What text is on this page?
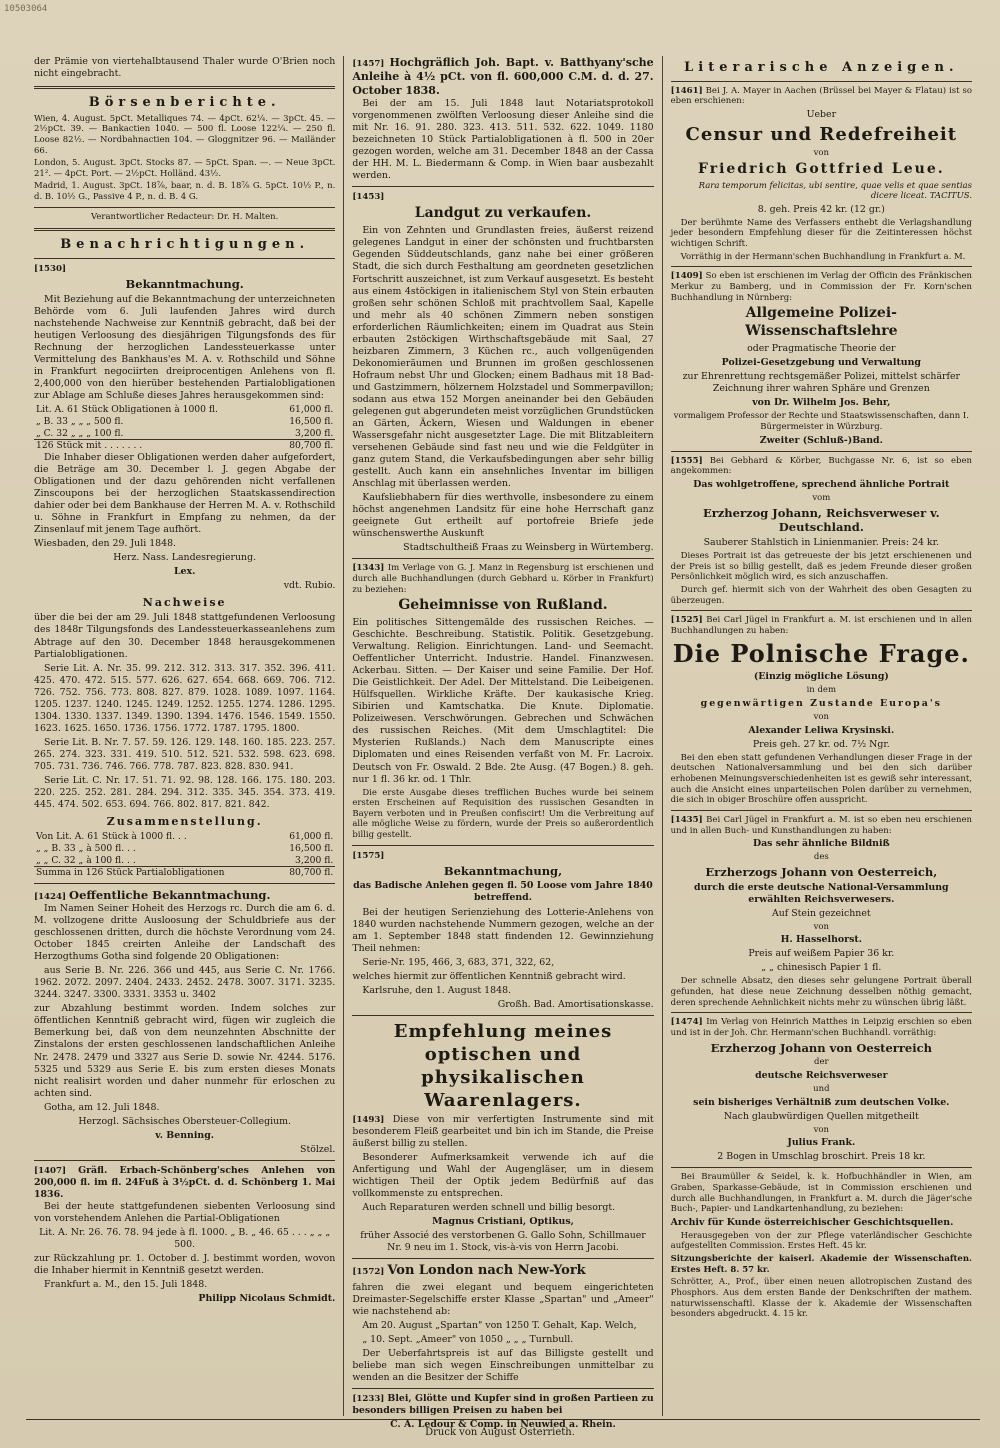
10503064

der Prämie von viertehalbtausend Thaler wurde O'Brien noch nicht eingebracht.

Börsenberichte.

Wien, 4. August. 5pCt. Metalliques 74. — 4pCt. 62¼. — 3pCt. 45. — 2½pCt. 39. — Bankactien 1040. — 500 fl. Loose 122¼. — 250 fl. Loose 82½. — Nordbahnactien 104. — Gloggnitzer 96. — Mailänder 66.

London, 5. August. 3pCt. Stocks 87. — 5pCt. Span. —. — Neue 3pCt. 21². — 4pCt. Port. — 2½pCt. Holländ. 43½.

Madrid, 1. August. 3pCt. 18⅞, baar, n. d. B. 18⅞ G. 5pCt. 10½ P., n. d. B. 10½ G., Passive 4 P., n. d. B. 4 G.

Verantwortlicher Redacteur: Dr. H. Malten.

Benachrichtigungen.
[1530]
Bekanntmachung.

Mit Beziehung auf die Bekanntmachung der unterzeichneten Behörde vom 6. Juli laufenden Jahres wird durch nachstehende Nachweise zur Kenntniß gebracht, daß bei der heutigen Verloosung des diesjährigen Tilgungsfonds des für Rechnung der herzoglichen Landessteuerkasse unter Vermittelung des Bankhaus'es M. A. v. Rothschild und Söhne in Frankfurt negociirten dreiprocentigen Anlehens von fl. 2,400,000 von den hierüber bestehenden Partialobligationen zur Ablage am Schluße dieses Jahres herausgekommen sind:

Lit. A. 61 Stück Obligationen à 1000 fl.	61,000 fl.
„ B. 33 „ „ „ 500 fl.	16,500 fl.
„ C. 32 „ „ „ 100 fl.	3,200 fl.
126 Stück mit . . . . . . .	80,700 fl.

Die Inhaber dieser Obligationen werden daher aufgefordert, die Beträge am 30. December l. J. gegen Abgabe der Obligationen und der dazu gehörenden nicht verfallenen Zinscoupons bei der herzoglichen Staatskassendirection dahier oder bei dem Bankhause der Herren M. A. v. Rothschild u. Söhne in Frankfurt in Empfang zu nehmen, da der Zinsenlauf mit jenem Tage aufhört.

Wiesbaden, den 29. Juli 1848.

Herz. Nass. Landesregierung.

Lex.

vdt. Rubio.

Nachweise

über die bei der am 29. Juli 1848 stattgefundenen Verloosung des 1848r Tilgungsfonds des Landessteuerkasseanlehens zum Abtrage auf den 30. December 1848 herausgekommenen Partialobligationen.

Serie Lit. A. Nr. 35. 99. 212. 312. 313. 317. 352. 396. 411. 425. 470. 472. 515. 577. 626. 627. 654. 668. 669. 706. 712. 726. 752. 756. 773. 808. 827. 879. 1028. 1089. 1097. 1164. 1205. 1237. 1240. 1245. 1249. 1252. 1255. 1274. 1286. 1295. 1304. 1330. 1337. 1349. 1390. 1394. 1476. 1546. 1549. 1550. 1623. 1625. 1650. 1736. 1756. 1772. 1787. 1795. 1800.

Serie Lit. B. Nr. 7. 57. 59. 126. 129. 148. 160. 185. 223. 257. 265. 274. 323. 331. 419. 510. 512. 521. 532. 598. 623. 698. 705. 731. 736. 746. 766. 778. 787. 823. 828. 830. 941.

Serie Lit. C. Nr. 17. 51. 71. 92. 98. 128. 166. 175. 180. 203. 220. 225. 252. 281. 284. 294. 312. 335. 345. 354. 373. 419. 445. 474. 502. 653. 694. 766. 802. 817. 821. 842.

Zusammenstellung.
Von Lit. A. 61 Stück à 1000 fl. . .	61,000 fl.
„ „ B. 33 „ à 500 fl. . .	16,500 fl.
„ „ C. 32 „ à 100 fl. . .	3,200 fl.
Summa in 126 Stück Partialobligationen	80,700 fl.
[1424] Oeffentliche Bekanntmachung.

Im Namen Seiner Hoheit des Herzogs rc. Durch die am 6. d. M. vollzogene dritte Ausloosung der Schuldbriefe aus der geschlossenen dritten, durch die höchste Verordnung vom 24. October 1845 creirten Anleihe der Landschaft des Herzogthums Gotha sind folgende 20 Obligationen:

aus Serie B. Nr. 226. 366 und 445, aus Serie C. Nr. 1766. 1962. 2072. 2097. 2404. 2433. 2452. 2478. 3007. 3171. 3235. 3244. 3247. 3300. 3331. 3353 u. 3402

zur Abzahlung bestimmt worden. Indem solches zur öffentlichen Kenntniß gebracht wird, fügen wir zugleich die Bemerkung bei, daß von dem neunzehnten Abschnitte der Zinstalons der ersten geschlossenen landschaftlichen Anleihe Nr. 2478. 2479 und 3327 aus Serie D. sowie Nr. 4244. 5176. 5325 und 5329 aus Serie E. bis zum ersten dieses Monats nicht realisirt worden und daher nunmehr für erloschen zu achten sind.

Gotha, am 12. Juli 1848.

Herzogl. Sächsisches Obersteuer-Collegium.

v. Benning.

Stölzel.

[1407] Gräfl. Erbach-Schönberg'sches Anlehen von 200,000 fl. im fl. 24Fuß à 3½pCt. d. d. Schönberg 1. Mai 1836.

Bei der heute stattgefundenen siebenten Verloosung sind von vorstehendem Anlehen die Partial-Obligationen

Lit. A. Nr. 26. 76. 78. 94 jede à fl. 1000. „ B. „ 46. 65 . . . „ „ „ 500.

zur Rückzahlung pr. 1. October d. J. bestimmt worden, wovon die Inhaber hiermit in Kenntniß gesetzt werden.

Frankfurt a. M., den 15. Juli 1848.

Philipp Nicolaus Schmidt.

[1457] Hochgräflich Joh. Bapt. v. Batthyany'sche Anleihe à 4½ pCt. von fl. 600,000 C.M. d. d. 27. October 1838.

Bei der am 15. Juli 1848 laut Notariatsprotokoll vorgenommenen zwölften Verloosung dieser Anleihe sind die mit Nr. 16. 91. 280. 323. 413. 511. 532. 622. 1049. 1180 bezeichneten 10 Stück Partialobligationen à fl. 500 in 20er gezogen worden, welche am 31. December 1848 an der Cassa der HH. M. L. Biedermann & Comp. in Wien baar ausbezahlt werden.

[1453]
Landgut zu verkaufen.

Ein von Zehnten und Grundlasten freies, äußerst reizend gelegenes Landgut in einer der schönsten und fruchtbarsten Gegenden Süddeutschlands, ganz nahe bei einer größeren Stadt, die sich durch Festhaltung am geordneten gesetzlichen Fortschritt auszeichnet, ist zum Verkauf ausgesetzt. Es besteht aus einem 4stöckigen in italienischem Styl von Stein erbauten großen sehr schönen Schloß mit prachtvollem Saal, Kapelle und mehr als 40 schönen Zimmern neben sonstigen erforderlichen Räumlichkeiten; einem im Quadrat aus Stein erbauten 2stöckigen Wirthschaftsgebäude mit Saal, 27 heizbaren Zimmern, 3 Küchen rc., auch vollgenügenden Dekonomieräumen und Brunnen im großen geschlossenen Hofraum nebst Uhr und Glocken; einem Badhaus mit 18 Bad- und Gastzimmern, hölzernem Holzstadel und Sommerpavillon; sodann aus etwa 152 Morgen aneinander bei den Gebäuden gelegenen gut abgerundeten meist vorzüglichen Grundstücken an Gärten, Äckern, Wiesen und Waldungen in ebener Wassersgefahr nicht ausgesetzter Lage. Die mit Blitzableitern versehenen Gebäude sind fast neu und wie die Feldgüter in ganz gutem Stand, die Verkaufsbedingungen aber sehr billig gestellt. Auch kann ein ansehnliches Inventar im billigen Anschlag mit überlassen werden.

Kaufsliebhabern für dies werthvolle, insbesondere zu einem höchst angenehmen Landsitz für eine hohe Herrschaft ganz geeignete Gut ertheilt auf portofreie Briefe jede wünschenswerthe Auskunft

Stadtschultheiß Fraas zu Weinsberg in Würtemberg.

[1343] Im Verlage von G. J. Manz in Regensburg ist erschienen und durch alle Buchhandlungen (durch Gebhard u. Körber in Frankfurt) zu beziehen:

Geheimnisse von Rußland.

Ein politisches Sittengemälde des russischen Reiches. — Geschichte. Beschreibung. Statistik. Politik. Gesetzgebung. Verwaltung. Religion. Einrichtungen. Land- und Seemacht. Oeffentlicher Unterricht. Industrie. Handel. Finanzwesen. Ackerbau. Sitten. — Der Kaiser und seine Familie. Der Hof. Die Geistlichkeit. Der Adel. Der Mittelstand. Die Leibeigenen. Hülfsquellen. Wirkliche Kräfte. Der kaukasische Krieg. Sibirien und Kamtschatka. Die Knute. Diplomatie. Polizeiwesen. Verschwörungen. Gebrechen und Schwächen des russischen Reiches. (Mit dem Umschlagtitel: Die Mysterien Rußlands.) Nach dem Manuscripte eines Diplomaten und eines Reisenden verfaßt von M. Fr. Lacroix. Deutsch von Fr. Oswald. 2 Bde. 2te Ausg. (47 Bogen.) 8. geh. nur 1 fl. 36 kr. od. 1 Thlr.

Die erste Ausgabe dieses trefflichen Buches wurde bei seinem ersten Erscheinen auf Requisition des russischen Gesandten in Bayern verboten und in Preußen confiscirt! Um die Verbreitung auf alle mögliche Weise zu fördern, wurde der Preis so außerordentlich billig gestellt.

[1575]
Bekanntmachung,

das Badische Anlehen gegen fl. 50 Loose vom Jahre 1840 betreffend.

Bei der heutigen Serienziehung des Lotterie-Anlehens von 1840 wurden nachstehende Nummern gezogen, welche an der am 1. September 1848 statt findenden 12. Gewinnziehung Theil nehmen:

Serie-Nr. 195, 466, 3, 683, 371, 322, 62,

welches hiermit zur öffentlichen Kenntniß gebracht wird.

Karlsruhe, den 1. August 1848.

Großh. Bad. Amortisationskasse.

Empfehlung meines optischen und physikalischen Waarenlagers.

[1493] Diese von mir verfertigten Instrumente sind mit besonderem Fleiß gearbeitet und bin ich im Stande, die Preise äußerst billig zu stellen.

Besonderer Aufmerksamkeit verwende ich auf die Anfertigung und Wahl der Augengläser, um in diesem wichtigen Theil der Optik jedem Bedürfniß auf das vollkommenste zu entsprechen.

Auch Reparaturen werden schnell und billig besorgt.

Magnus Cristiani, Optikus,

früher Associé des verstorbenen G. Gallo Sohn, Schillmauer Nr. 9 neu im 1. Stock, vis-à-vis von Herrn Jacobi.

[1572] Von London nach New-York

fahren die zwei elegant und bequem eingerichteten Dreimaster-Segelschiffe erster Klasse „Spartan" und „Ameer" wie nachstehend ab:

Am 20. August „Spartan" von 1250 T. Gehalt, Kap. Welch,

„ 10. Sept. „Ameer" von 1050 „ „ „ Turnbull.

Der Ueberfahrtspreis ist auf das Billigste gestellt und beliebe man sich wegen Einschreibungen unmittelbar zu wenden an die Besitzer der Schiffe

[1233] Blei, Glötte und Kupfer sind in großen Partieen zu besonders billigen Preisen zu haben bei

C. A. Ledour & Comp. in Neuwied a. Rhein.

Literarische Anzeigen.

[1461] Bei J. A. Mayer in Aachen (Brüssel bei Mayer & Flatau) ist so eben erschienen:

Ueber

Censur und Redefreiheit

von

Friedrich Gottfried Leue.

Rara temporum felicitas, ubi sentire, quae velis et quae sentias dicere liceat. TACITUS.

8. geh. Preis 42 kr. (12 gr.)

Der berühmte Name des Verfassers enthebt die Verlagshandlung jeder besondern Empfehlung dieser für die Zeitinteressen höchst wichtigen Schrift.

Vorräthig in der Hermann'schen Buchhandlung in Frankfurt a. M.

[1409] So eben ist erschienen im Verlag der Officin des Fränkischen Merkur zu Bamberg, und in Commission der Fr. Korn'schen Buchhandlung in Nürnberg:

Allgemeine Polizei-Wissenschaftslehre

oder Pragmatische Theorie der

Polizei-Gesetzgebung und Verwaltung

zur Ehrenrettung rechtsgemäßer Polizei, mittelst schärfer Zeichnung ihrer wahren Sphäre und Grenzen

von Dr. Wilhelm Jos. Behr,

vormaligem Professor der Rechte und Staatswissenschaften, dann I. Bürgermeister in Würzburg.

Zweiter (Schluß-)Band.

[1555] Bei Gebhard & Körber, Buchgasse Nr. 6, ist so eben angekommen:

Das wohlgetroffene, sprechend ähnliche Portrait

vom

Erzherzog Johann, Reichsverweser v. Deutschland.

Sauberer Stahlstich in Linienmanier. Preis: 24 kr.

Dieses Portrait ist das getreueste der bis jetzt erschienenen und der Preis ist so billig gestellt, daß es jedem Freunde dieser großen Persönlichkeit möglich wird, es sich anzuschaffen.

Durch gef. hiermit sich von der Wahrheit des oben Gesagten zu überzeugen.

[1525] Bei Carl Jügel in Frankfurt a. M. ist erschienen und in allen Buchhandlungen zu haben:

Die Polnische Frage.

(Einzig mögliche Lösung)

in dem

gegenwärtigen Zustande Europa's

von

Alexander Leliwa Krysinski.

Preis geh. 27 kr. od. 7½ Ngr.

Bei den eben statt gefundenen Verhandlungen dieser Frage in der deutschen Nationalversammlung und bei den sich darüber erhobenen Meinungsverschiedenheiten ist es gewiß sehr interessant, auch die Ansicht eines unparteiischen Polen darüber zu vernehmen, die sich in obiger Broschüre offen ausspricht.

[1435] Bei Carl Jügel in Frankfurt a. M. ist so eben neu erschienen und in allen Buch- und Kunsthandlungen zu haben:

Das sehr ähnliche Bildniß

des

Erzherzogs Johann von Oesterreich,

durch die erste deutsche National-Versammlung erwählten Reichsverwesers.

Auf Stein gezeichnet

von

H. Hasselhorst.

Preis auf weißem Papier 36 kr.

„ „ chinesisch Papier 1 fl.

Der schnelle Absatz, den dieses sehr gelungene Portrait überall gefunden, hat diese neue Zeichnung desselben nöthig gemacht, deren sprechende Aehnlichkeit nichts mehr zu wünschen übrig läßt.

[1474] Im Verlag von Heinrich Matthes in Leipzig erschien so eben und ist in der Joh. Chr. Hermann'schen Buchhandl. vorräthig:

Erzherzog Johann von Oesterreich

der

deutsche Reichsverweser

und

sein bisheriges Verhältniß zum deutschen Volke.

Nach glaubwürdigen Quellen mitgetheilt

von

Julius Frank.

2 Bogen in Umschlag broschirt. Preis 18 kr.

Bei Braumüller & Seidel, k. k. Hofbuchhändler in Wien, am Graben, Sparkasse-Gebäude, ist in Commission erschienen und durch alle Buchhandlungen, in Frankfurt a. M. durch die Jäger'sche Buch-, Papier- und Landkartenhandlung, zu beziehen:

Archiv für Kunde österreichischer Geschichtsquellen.

Herausgegeben von der zur Pflege vaterländischer Geschichte aufgestellten Commission. Erstes Heft. 45 kr.

Sitzungsberichte der kaiserl. Akademie der Wissenschaften. Erstes Heft. 8. 57 kr.

Schrötter, A., Prof., über einen neuen allotropischen Zustand des Phosphors. Aus dem ersten Bande der Denkschriften der mathem. naturwissenschaftl. Klasse der k. Akademie der Wissenschaften besonders abgedruckt. 4. 15 kr.

Druck von August Osterrieth.
